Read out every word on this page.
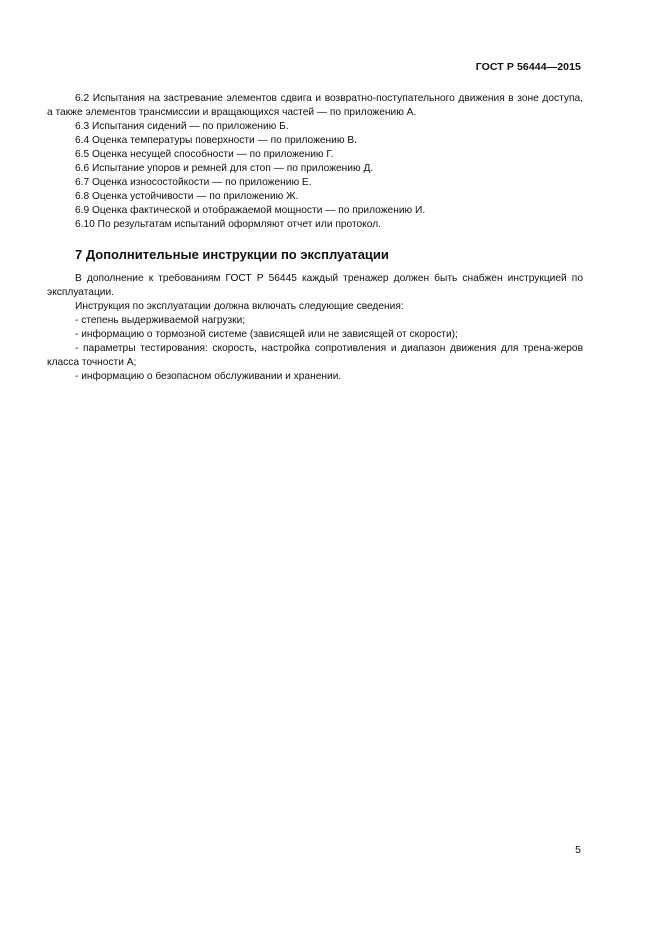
ГОСТ Р 56444—2015

6.2 Испытания на застревание элементов сдвига и возвратно-поступательного движения в зоне доступа, а также элементов трансмиссии и вращающихся частей — по приложению А.

6.3 Испытания сидений — по приложению Б.

6.4 Оценка температуры поверхности — по приложению В.

6.5 Оценка несущей способности — по приложению Г.

6.6 Испытание упоров и ремней для стоп — по приложению Д.

6.7 Оценка износостойкости — по приложению Е.

6.8 Оценка устойчивости — по приложению Ж.

6.9 Оценка фактической и отображаемой мощности — по приложению И.

6.10 По результатам испытаний оформляют отчет или протокол.

7 Дополнительные инструкции по эксплуатации

В дополнение к требованиям ГОСТ Р 56445 каждый тренажер должен быть снабжен инструкцией по эксплуатации.

Инструкция по эксплуатации должна включать следующие сведения:

- степень выдерживаемой нагрузки;

- информацию о тормозной системе (зависящей или не зависящей от скорости);

- параметры тестирования: скорость, настройка сопротивления и диапазон движения для трена-жеров класса точности А;

- информацию о безопасном обслуживании и хранении.

5
